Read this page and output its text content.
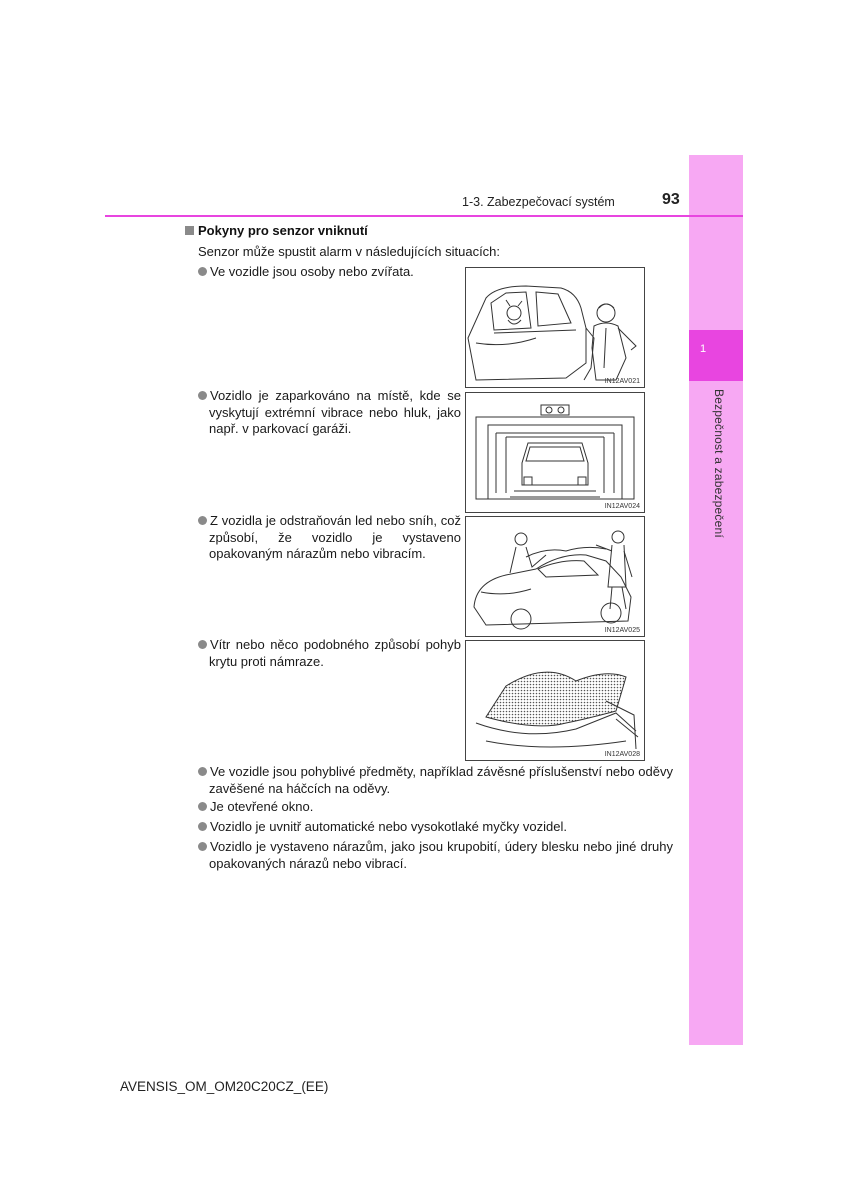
1
Bezpečnost a zabezpečení
1-3. Zabezpečovací systém	93
Pokyny pro senzor vniknutí
Senzor může spustit alarm v následujících situacích:
Ve vozidle jsou osoby nebo zvířata.
IN12AV021
Vozidlo je zaparkováno na místě, kde se vyskytují extrémní vibrace nebo hluk, jako např. v parkovací garáži.
IN12AV024
Z vozidla je odstraňován led nebo sníh, což způsobí, že vozidlo je vystaveno opakovaným nárazům nebo vibracím.
IN12AV025
Vítr nebo něco podobného způsobí pohyb krytu proti námraze.
IN12AV028
Ve vozidle jsou pohyblivé předměty, například závěsné příslušenství nebo oděvy zavěšené na háčcích na oděvy.
Je otevřené okno.
Vozidlo je uvnitř automatické nebo vysokotlaké myčky vozidel.
Vozidlo je vystaveno nárazům, jako jsou krupobití, údery blesku nebo jiné druhy opakovaných nárazů nebo vibrací.
AVENSIS_OM_OM20C20CZ_(EE)
